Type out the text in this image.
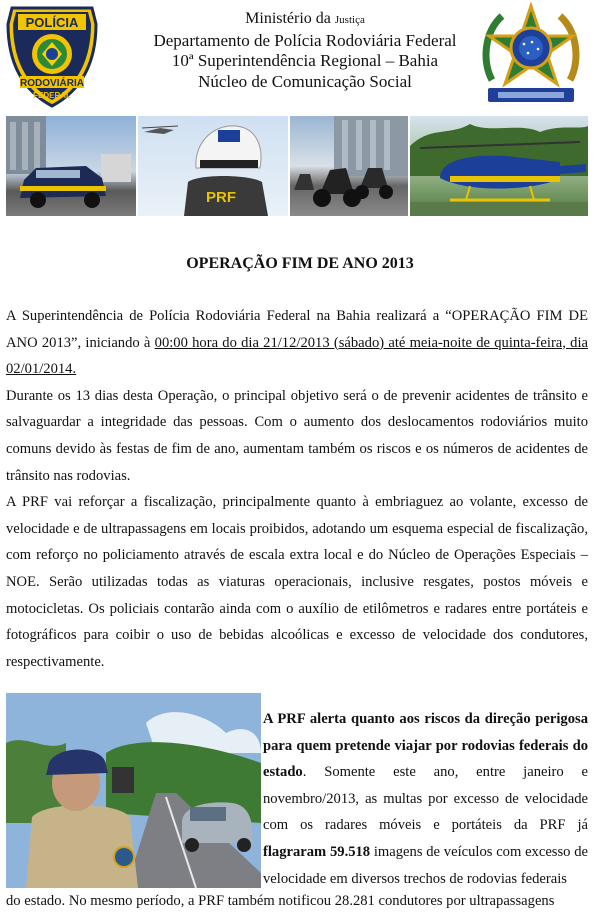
POLÍCIA
RODOVIÁRIA
FEDERAL
Ministério da Justiça
Departamento de Polícia Rodoviária Federal
10ª Superintendência Regional – Bahia
Núcleo de Comunicação Social
PRF
OPERAÇÃO FIM DE ANO 2013

A Superintendência de Polícia Rodoviária Federal na Bahia realizará a “OPERAÇÃO FIM DE ANO 2013”, iniciando à 00:00 hora do dia 21/12/2013 (sábado) até meia-noite de quinta-feira, dia 02/01/2014.

Durante os 13 dias desta Operação, o principal objetivo será o de prevenir acidentes de trânsito e salvaguardar a integridade das pessoas. Com o aumento dos deslocamentos rodoviários muito comuns devido às festas de fim de ano, aumentam também os riscos e os números de acidentes de trânsito nas rodovias.

A PRF vai reforçar a fiscalização, principalmente quanto à embriaguez ao volante, excesso de velocidade e de ultrapassagens em locais proibidos, adotando um esquema especial de fiscalização, com reforço no policiamento através de escala extra local e do Núcleo de Operações Especiais – NOE. Serão utilizadas todas as viaturas operacionais, inclusive resgates, postos móveis e motocicletas. Os policiais contarão ainda com o auxílio de etilômetros e radares entre portáteis e fotográficos para coibir o uso de bebidas alcoólicas e excesso de velocidade dos condutores, respectivamente.

A PRF alerta quanto aos riscos da direção perigosa para quem pretende viajar por rodovias federais do estado. Somente este ano, entre janeiro e novembro/2013, as multas por excesso de velocidade com os radares móveis e portáteis da PRF já flagraram 59.518 imagens de veículos com excesso de velocidade em diversos trechos de rodovias federais
do estado. No mesmo período, a PRF também notificou 28.281 condutores por ultrapassagens
